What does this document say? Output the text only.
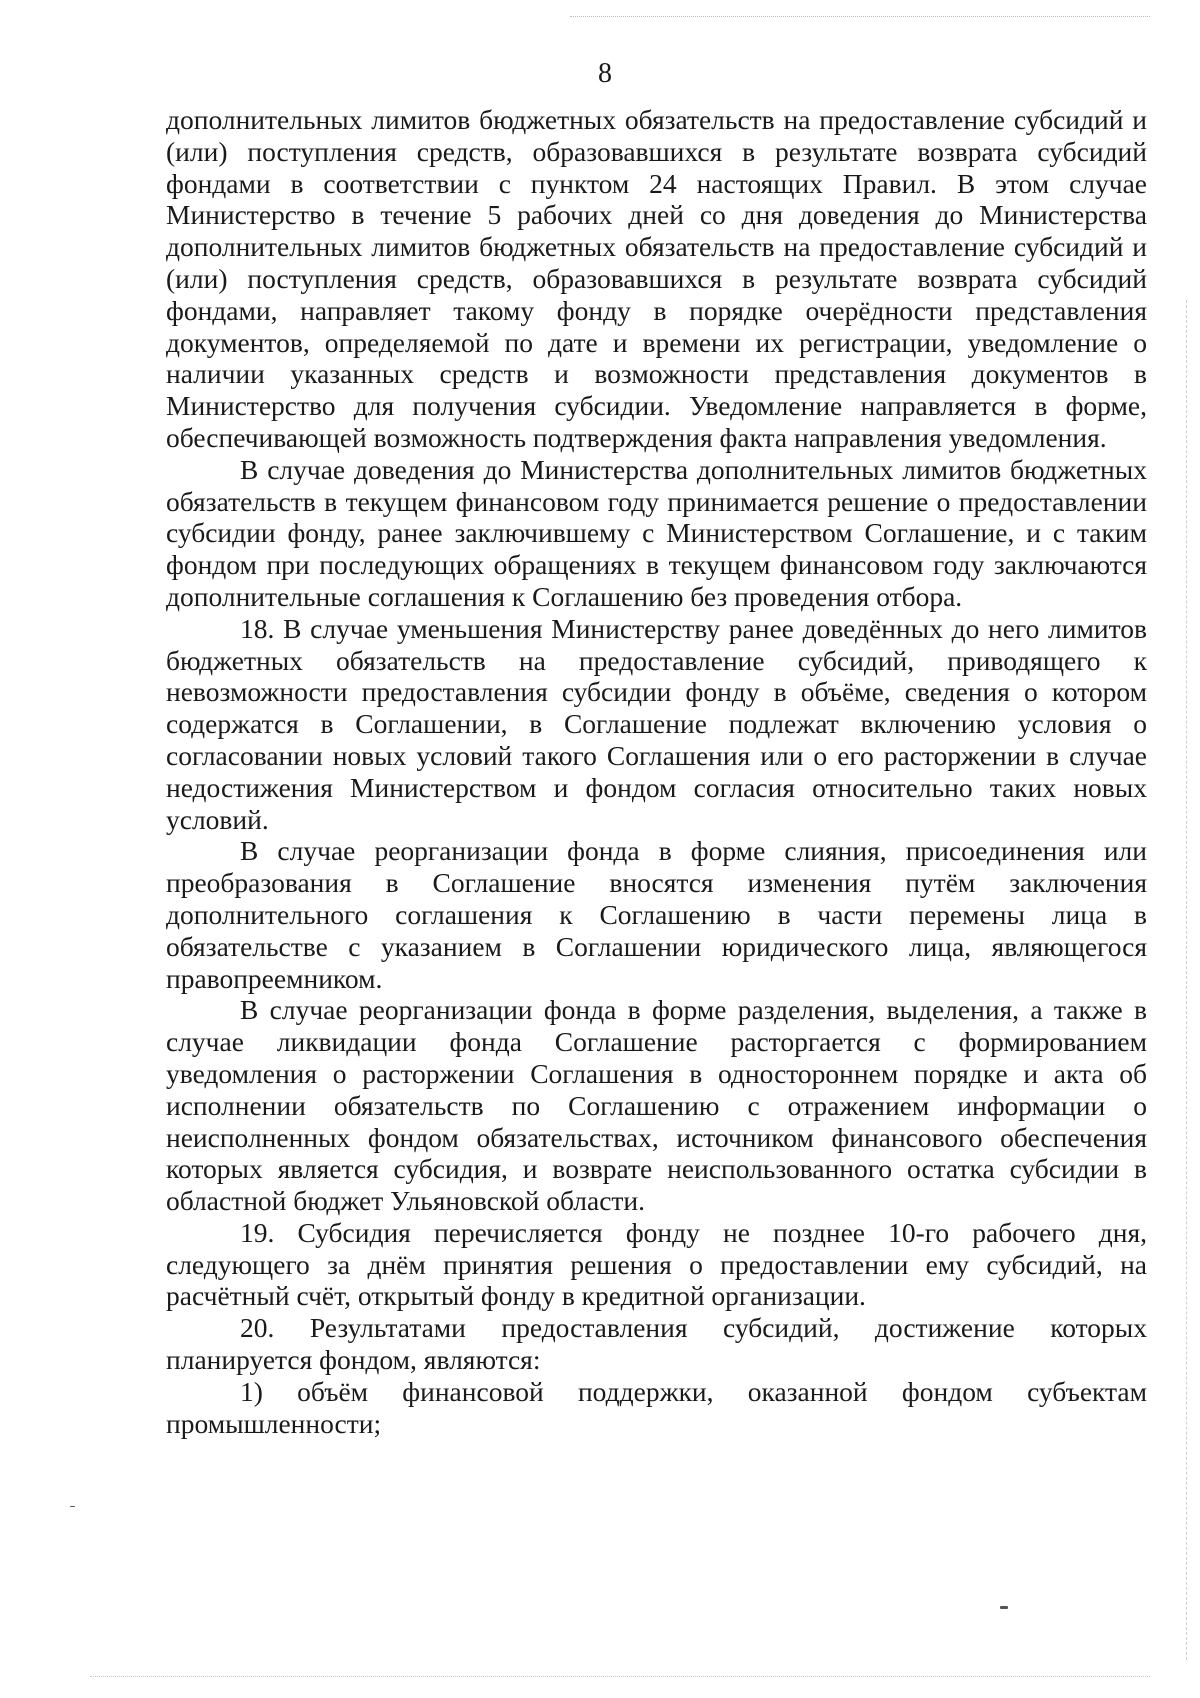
8

дополнительных лимитов бюджетных обязательств на предоставление субсидий и (или) поступления средств, образовавшихся в результате возврата субсидий фондами в соответствии с пунктом 24 настоящих Правил. В этом случае Министерство в течение 5 рабочих дней со дня доведения до Министерства дополнительных лимитов бюджетных обязательств на предоставление субсидий и (или) поступления средств, образовавшихся в результате возврата субсидий фондами, направляет такому фонду в порядке очерёдности представления документов, определяемой по дате и времени их регистрации, уведомление о наличии указанных средств и возможности представления документов в Министерство для получения субсидии. Уведомление направляется в форме, обеспечивающей возможность подтверждения факта направления уведомления.

В случае доведения до Министерства дополнительных лимитов бюджетных обязательств в текущем финансовом году принимается решение о предоставлении субсидии фонду, ранее заключившему с Министерством Соглашение, и с таким фондом при последующих обращениях в текущем финансовом году заключаются дополнительные соглашения к Соглашению без проведения отбора.

18. В случае уменьшения Министерству ранее доведённых до него лимитов бюджетных обязательств на предоставление субсидий, приводящего к невозможности предоставления субсидии фонду в объёме, сведения о котором содержатся в Соглашении, в Соглашение подлежат включению условия о согласовании новых условий такого Соглашения или о его расторжении в случае недостижения Министерством и фондом согласия относительно таких новых условий.

В случае реорганизации фонда в форме слияния, присоединения или преобразования в Соглашение вносятся изменения путём заключения дополнительного соглашения к Соглашению в части перемены лица в обязательстве с указанием в Соглашении юридического лица, являющегося правопреемником.

В случае реорганизации фонда в форме разделения, выделения, а также в случае ликвидации фонда Соглашение расторгается с формированием уведомления о расторжении Соглашения в одностороннем порядке и акта об исполнении обязательств по Соглашению с отражением информации о неисполненных фондом обязательствах, источником финансового обеспечения которых является субсидия, и возврате неиспользованного остатка субсидии в областной бюджет Ульяновской области.

19. Субсидия перечисляется фонду не позднее 10-го рабочего дня, следующего за днём принятия решения о предоставлении ему субсидий, на расчётный счёт, открытый фонду в кредитной организации.

20. Результатами предоставления субсидий, достижение которых планируется фондом, являются:

1) объём финансовой поддержки, оказанной фондом субъектам промышленности;
